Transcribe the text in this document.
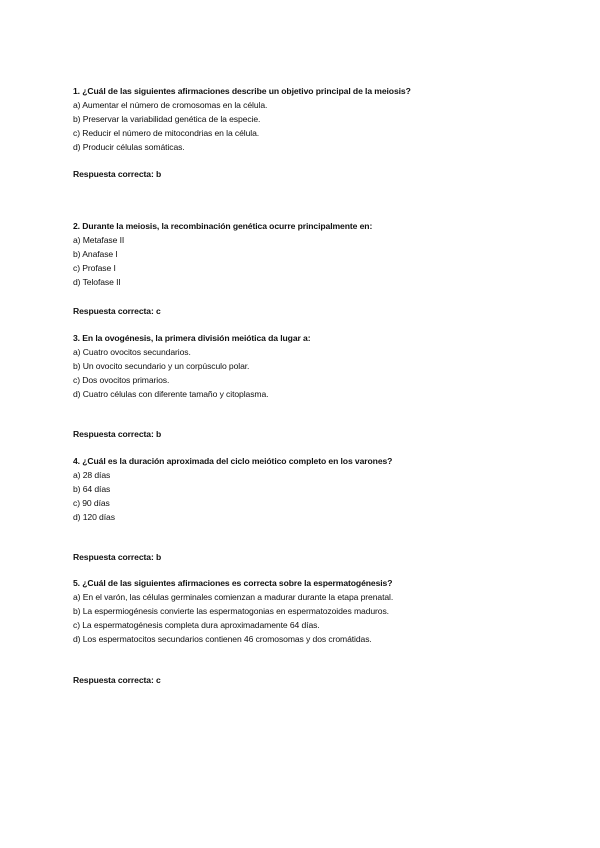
1. ¿Cuál de las siguientes afirmaciones describe un objetivo principal de la meiosis?
a) Aumentar el número de cromosomas en la célula.
b) Preservar la variabilidad genética de la especie.
c) Reducir el número de mitocondrias en la célula.
d) Producir células somáticas.
Respuesta correcta: b
2. Durante la meiosis, la recombinación genética ocurre principalmente en:
a) Metafase II
b) Anafase I
c) Profase I
d) Telofase II
Respuesta correcta: c
3. En la ovogénesis, la primera división meiótica da lugar a:
a) Cuatro ovocitos secundarios.
b) Un ovocito secundario y un corpúsculo polar.
c) Dos ovocitos primarios.
d) Cuatro células con diferente tamaño y citoplasma.
Respuesta correcta: b
4. ¿Cuál es la duración aproximada del ciclo meiótico completo en los varones?
a) 28 días
b) 64 días
c) 90 días
d) 120 días
Respuesta correcta: b
5. ¿Cuál de las siguientes afirmaciones es correcta sobre la espermatogénesis?
a) En el varón, las células germinales comienzan a madurar durante la etapa prenatal.
b) La espermiogénesis convierte las espermatogonias en espermatozoides maduros.
c) La espermatogénesis completa dura aproximadamente 64 días.
d) Los espermatocitos secundarios contienen 46 cromosomas y dos cromátidas.
Respuesta correcta: c
